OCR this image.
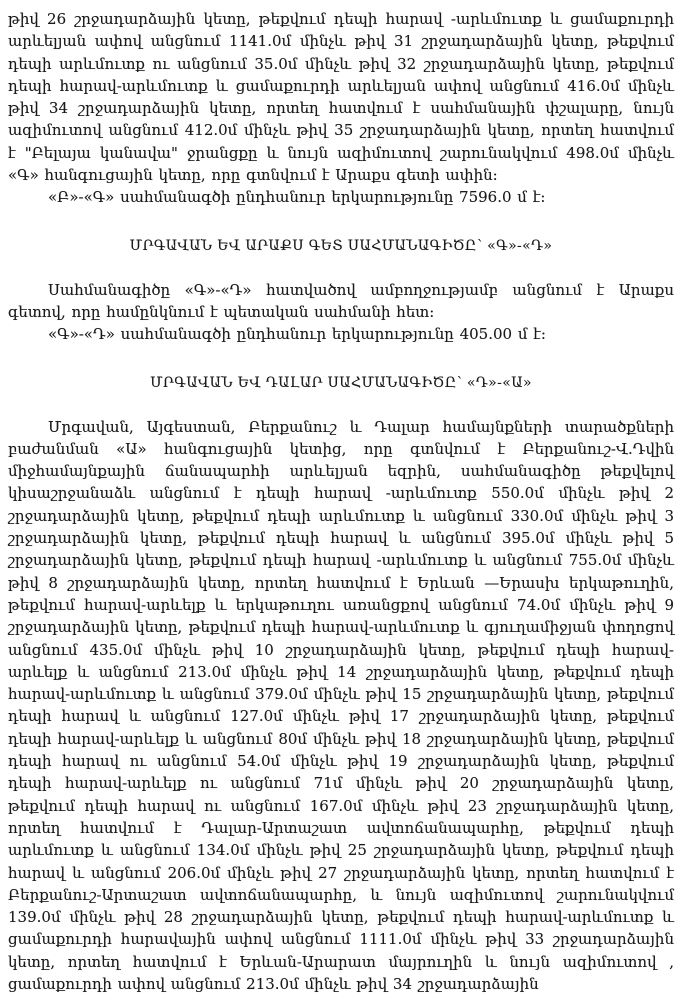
թիվ 26 շրջադարձային կետը, թեքվում դեպի հարավ -արևմուտք և ցամաքուրդի արևելյան ափով անցնում 1141.0մ մինչև թիվ 31 շրջադարձային կետը, թեքվում դեպի արևմուտք ու անցնում 35.0մ մինչև թիվ 32 շրջադարձային կետը, թեքվում դեպի հարավ-արևմուտք և ցամաքուրդի արևելյան ափով անցնում 416.0մ մինչև թիվ 34 շրջադարձային կետը, որտեղ հատվում է սահմանային փշալարը, նույն ազիմուտով անցնում 412.0մ մինչև թիվ 35 շրջադարձային կետը, որտեղ հատվում է "Բելայա կանավա" ջրանցքը և նույն ազիմուտով շարունակվում 498.0մ մինչև «Գ» հանգուցային կետը, որը գտնվում է Արաքս գետի ափին:

«Բ»-«Գ» սահմանագծի ընդհանուր երկարությունը 7596.0 մ է:

ՄՐԳԱՎԱՆ ԵՎ ԱՐԱՔՍ ԳԵՏ ՍԱՀՄԱՆԱԳԻԾԸ՝ «Գ»-«Դ»

Սահմանագիծը «Գ»-«Դ» հատվածով ամբողջությամբ անցնում է Արաքս գետով, որը համընկնում է պետական սահմանի հետ:

«Գ»-«Դ» սահմանագծի ընդհանուր երկարությունը 405.00 մ է:

ՄՐԳԱՎԱՆ ԵՎ ԴԱԼԱՐ ՍԱՀՄԱՆԱԳԻԾԸ՝ «Դ»-«Ա»

Մրգավան, Այգեստան, Բերքանուշ և Դալար համայնքների տարածքների բաժանման «Ա» հանգուցային կետից, որը գտնվում է Բերքանուշ-Վ.Դվին միջհամայնքային ճանապարհի արևելյան եզրին, սահմանագիծը թեքվելով կիսաշրջանաձև անցնում է դեպի հարավ -արևմուտք 550.0մ մինչև թիվ 2 շրջադարձային կետը, թեքվում դեպի արևմուտք և անցնում 330.0մ մինչև թիվ 3 շրջադարձային կետը, թեքվում դեպի հարավ և անցնում 395.0մ մինչև թիվ 5 շրջադարձային կետը, թեքվում դեպի հարավ -արևմուտք և անցնում 755.0մ մինչև թիվ 8 շրջադարձային կետը, որտեղ հատվում է Երևան —Երասխ երկաթուղին, թեքվում հարավ-արևելք և երկաթուղու առանցքով անցնում 74.0մ մինչև թիվ 9 շրջադարձային կետը, թեքվում դեպի հարավ-արևմուտք և գյուղամիջյան փողոցով անցնում 435.0մ մինչև թիվ 10 շրջադարձային կետը, թեքվում դեպի հարավ-արևելք և անցնում 213.0մ մինչև թիվ 14 շրջադարձային կետը, թեքվում դեպի հարավ-արևմուտք և անցնում 379.0մ մինչև թիվ 15 շրջադարձային կետը, թեքվում դեպի հարավ և անցնում 127.0մ մինչև թիվ 17 շրջադարձային կետը, թեքվում դեպի հարավ-արևելք և անցնում 80մ մինչև թիվ 18 շրջադարձային կետը, թեքվում դեպի հարավ ու անցնում 54.0մ մինչև թիվ 19 շրջադարձային կետը, թեքվում դեպի հարավ-արևելք ու անցնում 71մ մինչև թիվ 20 շրջադարձային կետը, թեքվում դեպի հարավ ու անցնում 167.0մ մինչև թիվ 23 շրջադարձային կետը, որտեղ հատվում է Դալար-Արտաշատ ավտոճանապարհը, թեքվում դեպի արևմուտք և անցնում 134.0մ մինչև թիվ 25 շրջադարձային կետը, թեքվում դեպի հարավ և անցնում 206.0մ մինչև թիվ 27 շրջադարձային կետը, որտեղ հատվում է Բերքանուշ-Արտաշատ ավտոճանապարհը, և նույն ազիմուտով շարունակվում 139.0մ մինչև թիվ 28 շրջադարձային կետը, թեքվում դեպի հարավ-արևմուտք և ցամաքուրդի հարավային ափով անցնում 1111.0մ մինչև թիվ 33 շրջադարձային կետը, որտեղ հատվում է Երևան-Արարատ մայրուղին և նույն ազիմուտով , ցամաքուրդի ափով անցնում 213.0մ մինչև թիվ 34 շրջադարձային
